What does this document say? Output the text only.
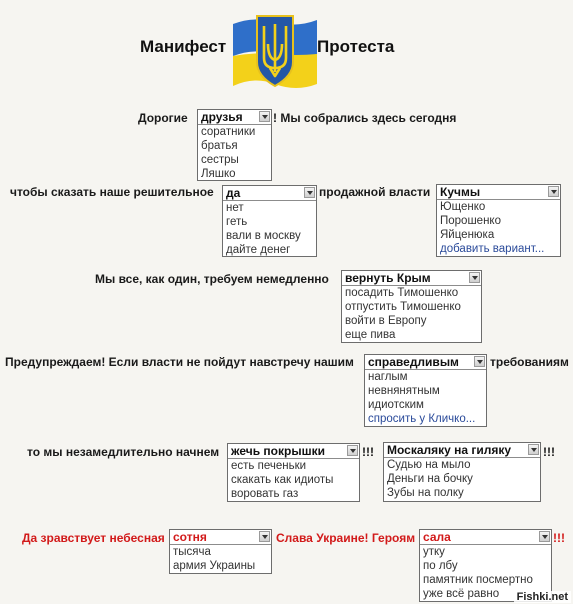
Манифест	Протеста
Дорогие друзья
соратники
братья
сестры
Ляшко
! Мы собрались здесь сегодня
чтобы сказать наше решительное да
нет
геть
вали в москву
дайте денег
продажной власти Кучмы
Ющенко
Порошенко
Яйценюка
добавить вариант...
Мы все, как один, требуем немедленно вернуть Крым
посадить Тимошенко
отпустить Тимошенко
войти в Европу
еще пива
Предупреждаем! Если власти не пойдут навстречу нашим справедливым
наглым
невнянятным
идиотским
спросить у Кличко...
требованиям
то мы незамедлительно начнем жечь покрышки
есть печеньки
скакать как идиоты
воровать газ
!!! Москаляку на гиляку
Судью на мыло
Деньги на бочку
Зубы на полку
!!!
Да зравствует небесная сотня
тысяча
армия Украины
Слава Украине! Героям сала
утку
по лбу
памятник посмертно
уже всё равно
!!!
Fishki.net
